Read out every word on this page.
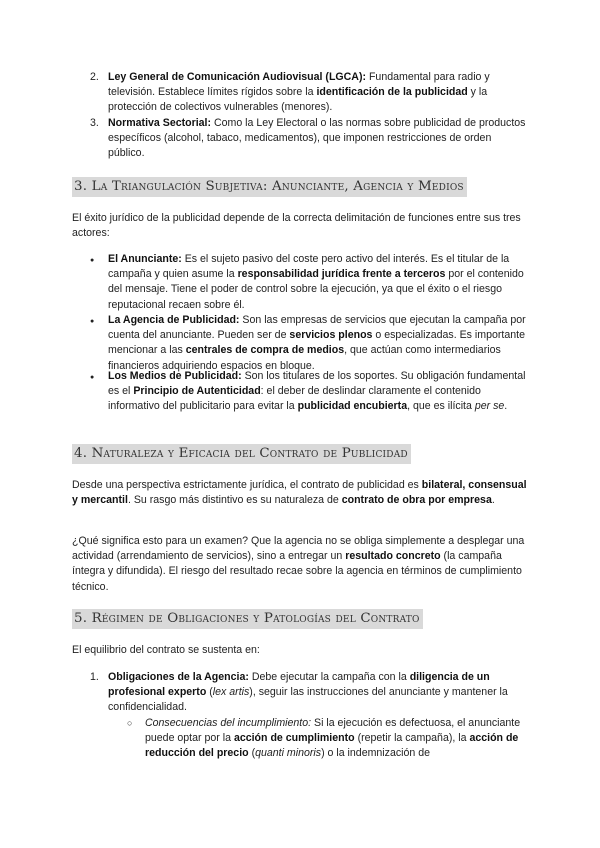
2. Ley General de Comunicación Audiovisual (LGCA): Fundamental para radio y televisión. Establece límites rígidos sobre la identificación de la publicidad y la protección de colectivos vulnerables (menores).

3. Normativa Sectorial: Como la Ley Electoral o las normas sobre publicidad de productos específicos (alcohol, tabaco, medicamentos), que imponen restricciones de orden público.

3. La Triangulación Subjetiva: Anunciante, Agencia y Medios

El éxito jurídico de la publicidad depende de la correcta delimitación de funciones entre sus tres actores:

●

El Anunciante: Es el sujeto pasivo del coste pero activo del interés. Es el titular de la campaña y quien asume la responsabilidad jurídica frente a terceros por el contenido del mensaje. Tiene el poder de control sobre la ejecución, ya que el éxito o el riesgo reputacional recaen sobre él.

●

La Agencia de Publicidad: Son las empresas de servicios que ejecutan la campaña por cuenta del anunciante. Pueden ser de servicios plenos o especializadas. Es importante mencionar a las centrales de compra de medios, que actúan como intermediarios financieros adquiriendo espacios en bloque.

●

Los Medios de Publicidad: Son los titulares de los soportes. Su obligación fundamental es el Principio de Autenticidad: el deber de deslindar claramente el contenido informativo del publicitario para evitar la publicidad encubierta, que es ilícita per se.

4. Naturaleza y Eficacia del Contrato de Publicidad

Desde una perspectiva estrictamente jurídica, el contrato de publicidad es bilateral, consensual y mercantil. Su rasgo más distintivo es su naturaleza de contrato de obra por empresa.

¿Qué significa esto para un examen? Que la agencia no se obliga simplemente a desplegar una actividad (arrendamiento de servicios), sino a entregar un resultado concreto (la campaña íntegra y difundida). El riesgo del resultado recae sobre la agencia en términos de cumplimiento técnico.

5. Régimen de Obligaciones y Patologías del Contrato

El equilibrio del contrato se sustenta en:

1. Obligaciones de la Agencia: Debe ejecutar la campaña con la diligencia de un profesional experto (lex artis), seguir las instrucciones del anunciante y mantener la confidencialidad.

○

Consecuencias del incumplimiento: Si la ejecución es defectuosa, el anunciante puede optar por la acción de cumplimiento (repetir la campaña), la acción de reducción del precio (quanti minoris) o la indemnización de
